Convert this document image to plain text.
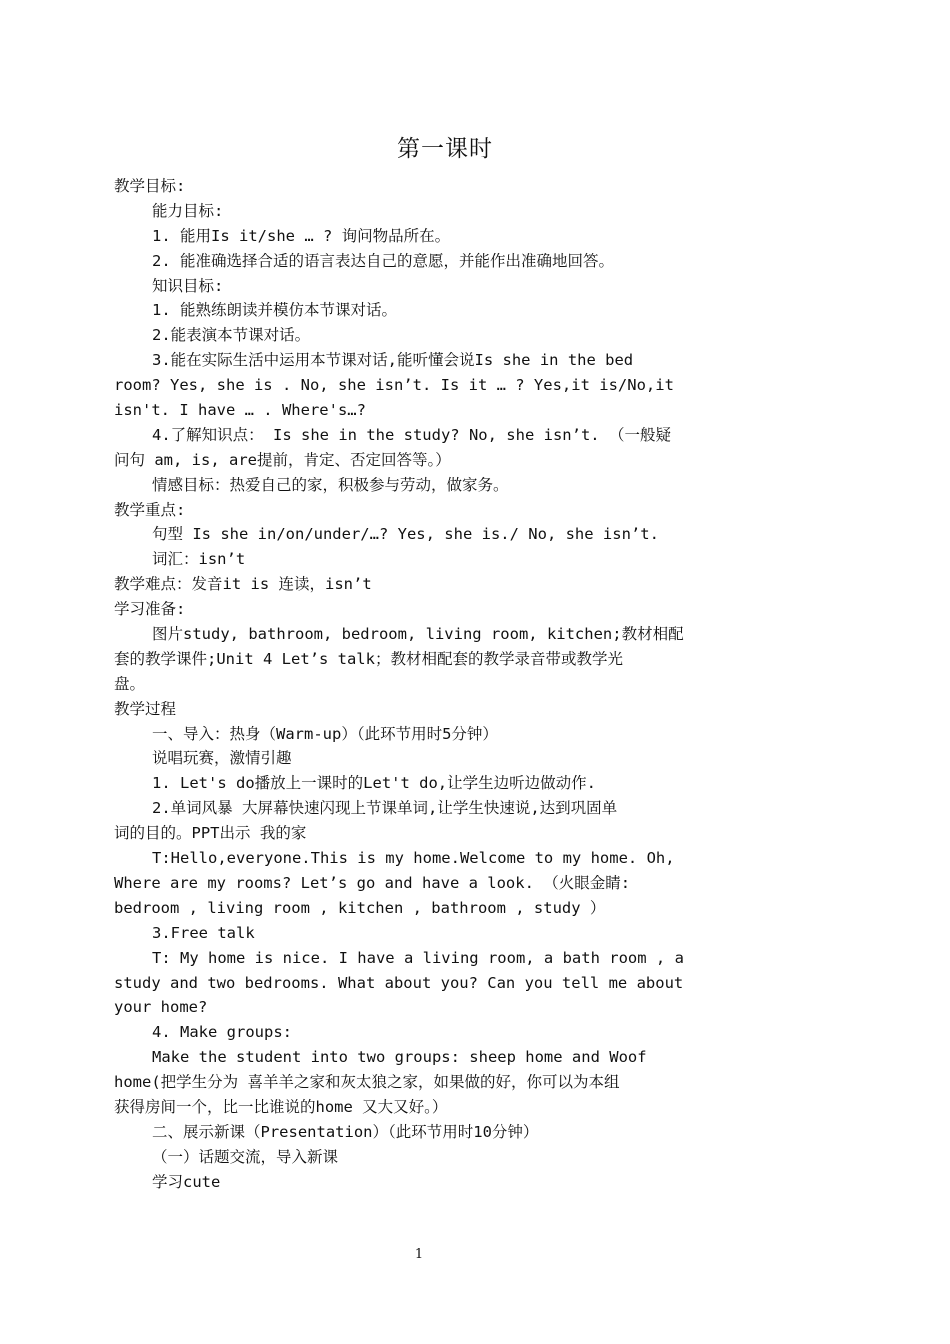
第一课时
教学目标:
能力目标:
1. 能用Is it/she … ? 询问物品所在。
2. 能准确选择合适的语言表达自己的意愿，并能作出准确地回答。
知识目标:
1. 能熟练朗读并模仿本节课对话。
2.能表演本节课对话。
3.能在实际生活中运用本节课对话,能听懂会说Is she in the bed
room? Yes, she is . No, she isn’t. Is it … ? Yes,it is/No,it
isn't. I have … . Where's…?
4.了解知识点： Is she in the study? No, she isn’t. （一般疑
问句 am, is, are提前，肯定、否定回答等。）
情感目标：热爱自己的家，积极参与劳动，做家务。
教学重点:
句型 Is she in/on/under/…? Yes, she is./ No, she isn’t.
词汇：isn’t
教学难点：发音it is 连读，isn’t
学习准备:
图片study, bathroom, bedroom, living room, kitchen;教材相配
套的教学课件;Unit 4 Let’s talk；教材相配套的教学录音带或教学光
盘。
教学过程
一、导入：热身（Warm-up）（此环节用时5分钟）
说唱玩赛，激情引趣
1. Let's do播放上一课时的Let't do,让学生边听边做动作.
2.单词风暴 大屏幕快速闪现上节课单词,让学生快速说,达到巩固单
词的目的。PPT出示 我的家
T:Hello,everyone.This is my home.Welcome to my home. Oh,
Where are my rooms? Let’s go and have a look. （火眼金睛:
bedroom , living room , kitchen , bathroom , study ）
3.Free talk
T: My home is nice. I have a living room, a bath room , a
study and two bedrooms. What about you? Can you tell me about
your home?
4. Make groups:
Make the student into two groups: sheep home and Woof
home(把学生分为 喜羊羊之家和灰太狼之家，如果做的好，你可以为本组
获得房间一个，比一比谁说的home 又大又好。）
二、展示新课（Presentation）（此环节用时10分钟）
（一）话题交流，导入新课
学习cute
1
